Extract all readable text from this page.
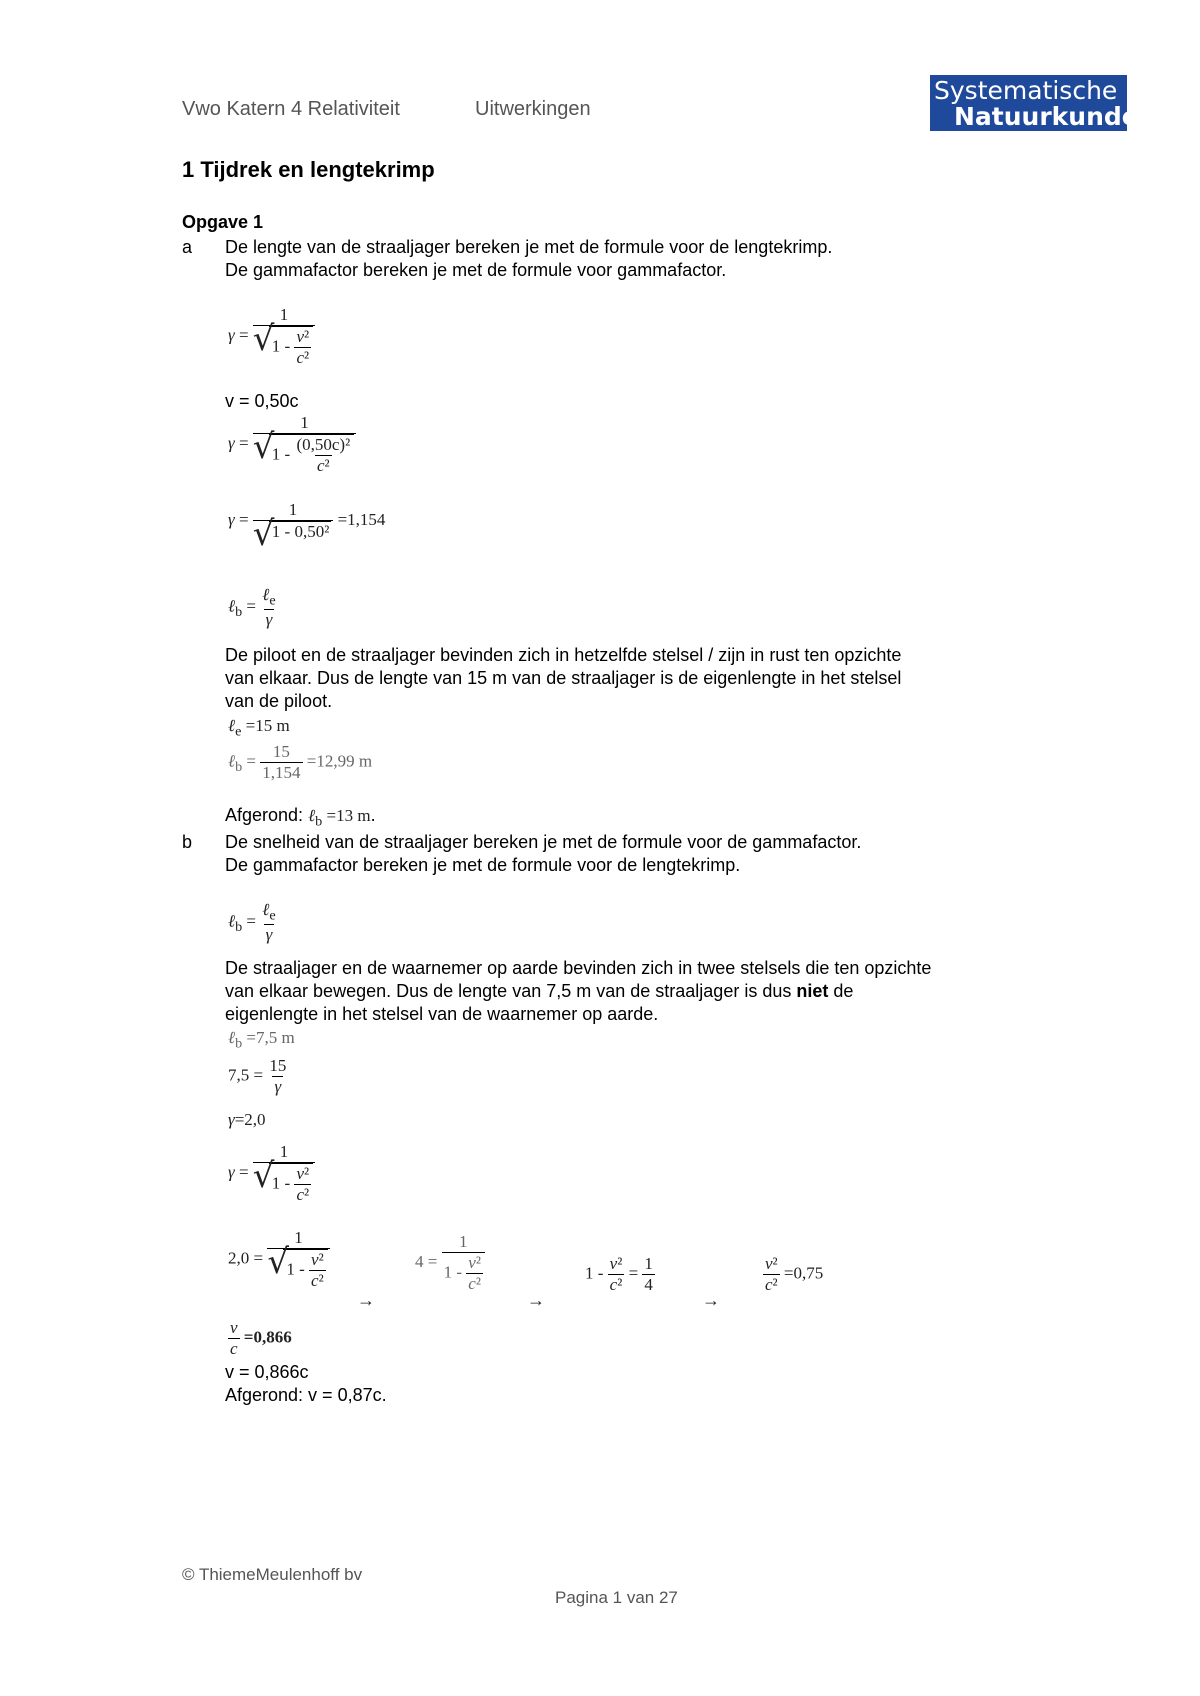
Vwo Katern 4 Relativiteit	Uitwerkingen
Systematische
Natuurkunde
1 Tijdrek en lengtekrimp
Opgave 1
a De lengte van de straaljager bereken je met de formule voor de lengtekrimp.
De gammafactor bereken je met de formule voor gammafactor.
γ = 1
√ $1 - \frac{\text{v²}}{\text{c²}}$
v = 0,50c
γ = 1
√ $1 - \frac{\text{(0,50c)²}}{\text{c²}}$
γ = 1
√ 1 - 0,50² =1,154
ℓ$_b$ = $\frac{\ell_e}{\gamma}$
De piloot en de straaljager bevinden zich in hetzelfde stelsel / zijn in rust ten opzichte
van elkaar. Dus de lengte van 15 m van de straaljager is de eigenlengte in het stelsel
van de piloot.
ℓ$_e$ =15 m
ℓ$_b$ = $\frac{15}{1,154} =12,99$ m
Afgerond: ℓ$_b$ =13 m.
b De snelheid van de straaljager bereken je met de formule voor de gammafactor.
De gammafactor bereken je met de formule voor de lengtekrimp.
ℓ$_b$ = $\frac{\ell_e}{\gamma}$
De straaljager en de waarnemer op aarde bevinden zich in twee stelsels die ten opzichte
van elkaar bewegen. Dus de lengte van 7,5 m van de straaljager is dus niet de
eigenlengte in het stelsel van de waarnemer op aarde.
ℓ$_b$ =7,5 m
$7,5 = \frac{15}{\gamma}$
γ=2,0
γ = 1
√ $1 - \frac{\text{v²}}{\text{c²}}$
2,0 = 1
√ $1 - \frac{\text{v²}}{\text{c²}}$
→
$4 = \frac{1}{1 - \frac{\text{v²}}{\text{c²}}}$
→
$1 - \frac{\text{v²}}{\text{c²}} = \frac{1}{4}$
→
$\frac{\text{v²}}{\text{c²}} =0,75$
$\frac{v}{c} =0,866$
v = 0,866c
Afgerond: v = 0,87c.
© ThiemeMeulenhoff bv
Pagina 1 van 27
